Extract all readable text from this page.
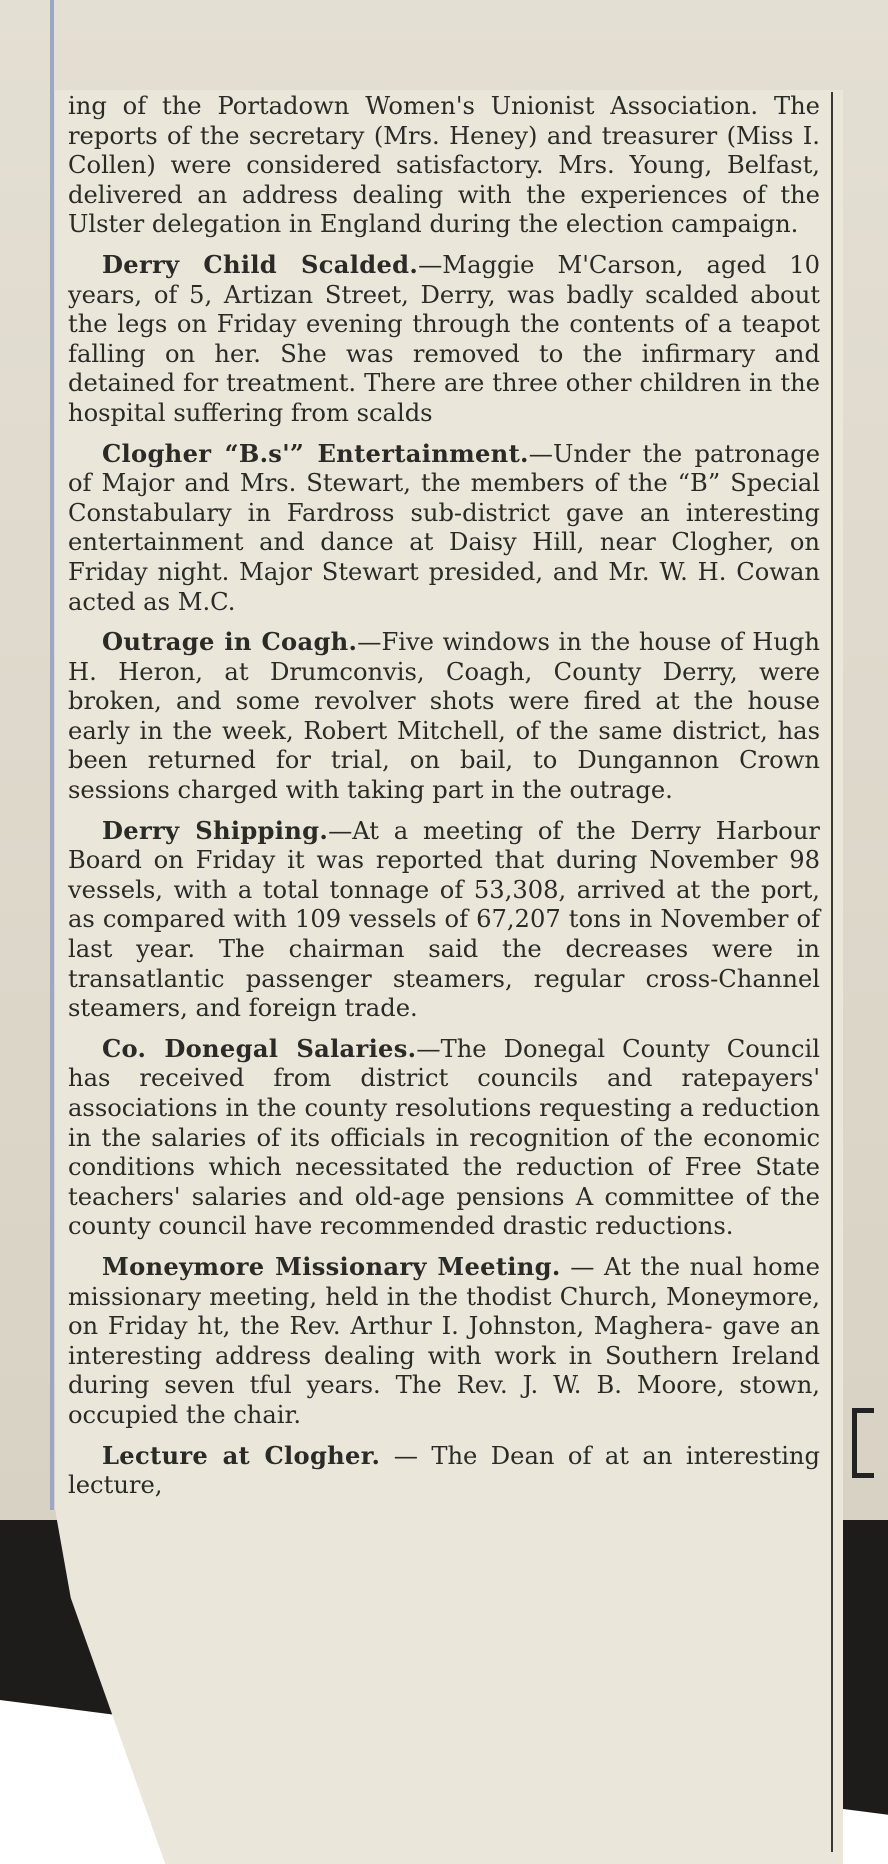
ing of the Portadown Women's Unionist Association. The reports of the secretary (Mrs. Heney) and treasurer (Miss I. Collen) were considered satisfactory. Mrs. Young, Belfast, delivered an address dealing with the experiences of the Ulster delegation in England during the election campaign.

Derry Child Scalded.—Maggie M'Carson, aged 10 years, of 5, Artizan Street, Derry, was badly scalded about the legs on Friday evening through the contents of a teapot falling on her. She was removed to the infirmary and detained for treatment. There are three other children in the hospital suffering from scalds

Clogher “B.s'” Entertainment.—Under the patronage of Major and Mrs. Stewart, the members of the “B” Special Constabulary in Fardross sub-district gave an interesting entertainment and dance at Daisy Hill, near Clogher, on Friday night. Major Stewart presided, and Mr. W. H. Cowan acted as M.C.

Outrage in Coagh.—Five windows in the house of Hugh H. Heron, at Drumconvis, Coagh, County Derry, were broken, and some revolver shots were fired at the house early in the week, Robert Mitchell, of the same district, has been returned for trial, on bail, to Dungannon Crown sessions charged with taking part in the outrage.

Derry Shipping.—At a meeting of the Derry Harbour Board on Friday it was reported that during November 98 vessels, with a total tonnage of 53,308, arrived at the port, as compared with 109 vessels of 67,207 tons in November of last year. The chairman said the decreases were in transatlantic passenger steamers, regular cross-Channel steamers, and foreign trade.

Co. Donegal Salaries.—The Donegal County Council has received from district councils and ratepayers' associations in the county resolutions requesting a reduction in the salaries of its officials in recognition of the economic conditions which necessitated the reduction of Free State teachers' salaries and old-age pensions A committee of the county council have recommended drastic reductions.

Moneymore Missionary Meeting. — At the nual home missionary meeting, held in the thodist Church, Moneymore, on Friday ht, the Rev. Arthur I. Johnston, Maghera- gave an interesting address dealing with work in Southern Ireland during seven tful years. The Rev. J. W. B. Moore, stown, occupied the chair.

Lecture at Clogher. — The Dean of at an interesting lecture,
